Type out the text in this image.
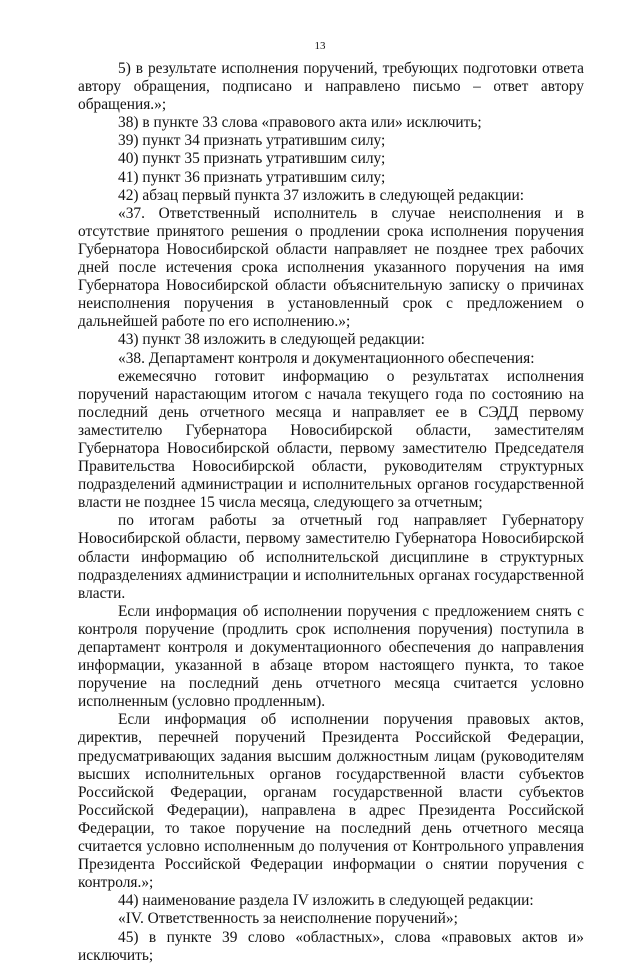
13

5) в результате исполнения поручений, требующих подготовки ответа автору обращения, подписано и направлено письмо – ответ автору обращения.»;

38) в пункте 33 слова «правового акта или» исключить;

39) пункт 34 признать утратившим силу;

40) пункт 35 признать утратившим силу;

41) пункт 36 признать утратившим силу;

42) абзац первый пункта 37 изложить в следующей редакции:

«37. Ответственный исполнитель в случае неисполнения и в отсутствие принятого решения о продлении срока исполнения поручения Губернатора Новосибирской области направляет не позднее трех рабочих дней после истечения срока исполнения указанного поручения на имя Губернатора Новосибирской области объяснительную записку о причинах неисполнения поручения в установленный срок с предложением о дальнейшей работе по его исполнению.»;

43) пункт 38 изложить в следующей редакции:

«38. Департамент контроля и документационного обеспечения:

ежемесячно готовит информацию о результатах исполнения поручений нарастающим итогом с начала текущего года по состоянию на последний день отчетного месяца и направляет ее в СЭДД первому заместителю Губернатора Новосибирской области, заместителям Губернатора Новосибирской области, первому заместителю Председателя Правительства Новосибирской области, руководителям структурных подразделений администрации и исполнительных органов государственной власти не позднее 15 числа месяца, следующего за отчетным;

по итогам работы за отчетный год направляет Губернатору Новосибирской области, первому заместителю Губернатора Новосибирской области информацию об исполнительской дисциплине в структурных подразделениях администрации и исполнительных органах государственной власти.

Если информация об исполнении поручения с предложением снять с контроля поручение (продлить срок исполнения поручения) поступила в департамент контроля и документационного обеспечения до направления информации, указанной в абзаце втором настоящего пункта, то такое поручение на последний день отчетного месяца считается условно исполненным (условно продленным).

Если информация об исполнении поручения правовых актов, директив, перечней поручений Президента Российской Федерации, предусматривающих задания высшим должностным лицам (руководителям высших исполнительных органов государственной власти субъектов Российской Федерации, органам государственной власти субъектов Российской Федерации), направлена в адрес Президента Российской Федерации, то такое поручение на последний день отчетного месяца считается условно исполненным до получения от Контрольного управления Президента Российской Федерации информации о снятии поручения с контроля.»;

44) наименование раздела IV изложить в следующей редакции:

«IV. Ответственность за неисполнение поручений»;

45) в пункте 39 слово «областных», слова «правовых актов и» исключить;
